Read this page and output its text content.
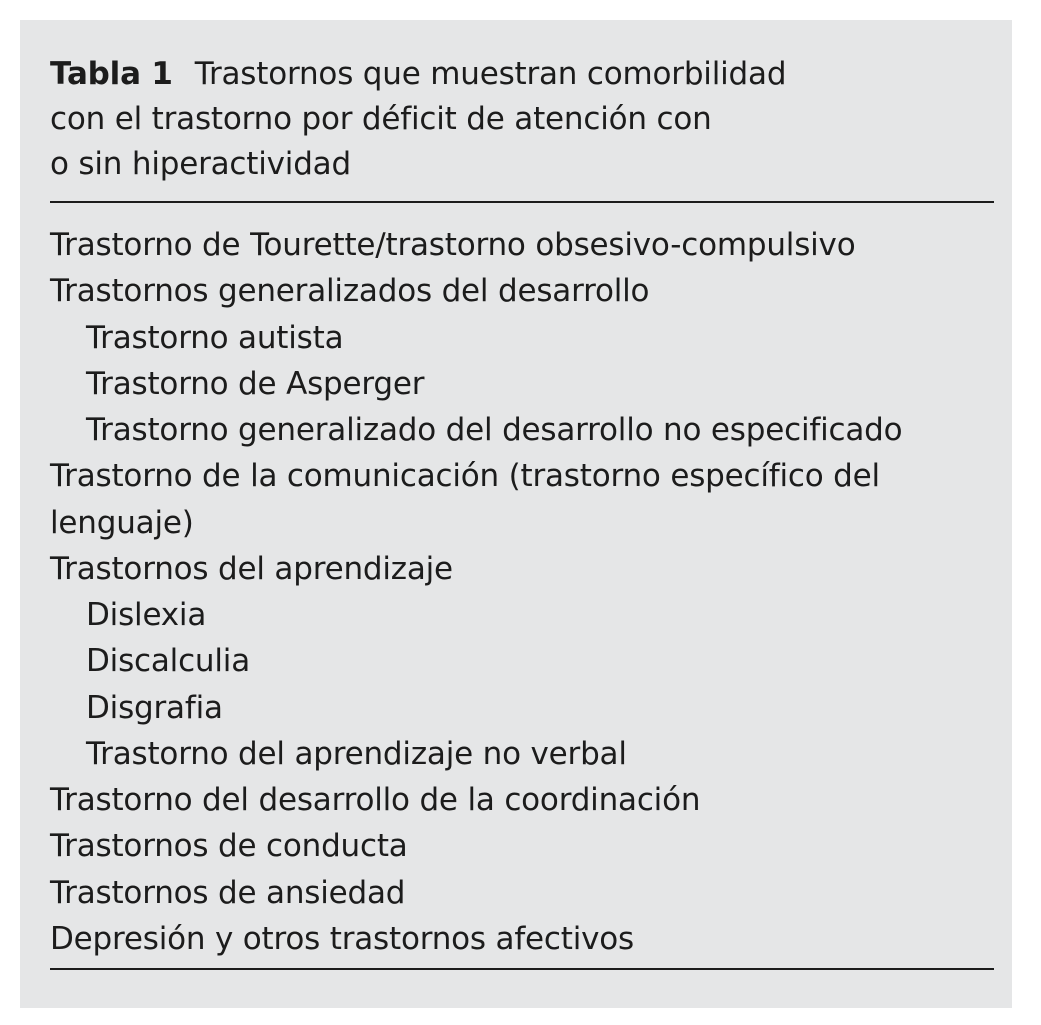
Tabla 1 Trastornos que muestran comorbilidad
con el trastorno por déficit de atención con
o sin hiperactividad
Trastorno de Tourette/trastorno obsesivo-compulsivo
Trastornos generalizados del desarrollo
Trastorno autista
Trastorno de Asperger
Trastorno generalizado del desarrollo no especificado
Trastorno de la comunicación (trastorno específico del
lenguaje)
Trastornos del aprendizaje
Dislexia
Discalculia
Disgrafia
Trastorno del aprendizaje no verbal
Trastorno del desarrollo de la coordinación
Trastornos de conducta
Trastornos de ansiedad
Depresión y otros trastornos afectivos
